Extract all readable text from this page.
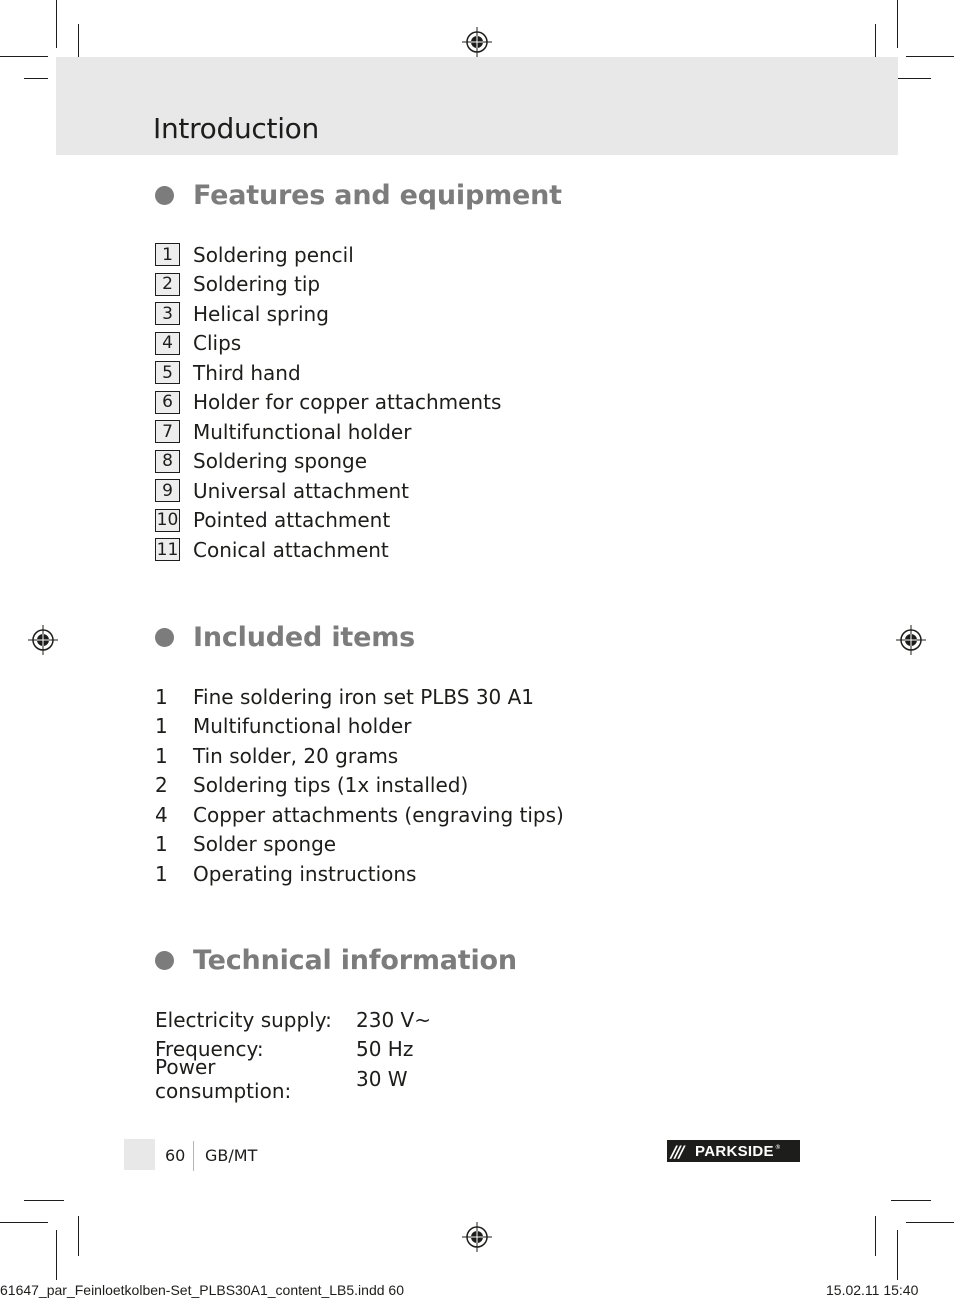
Introduction
Features and equipment
1	Soldering pencil
2	Soldering tip
3	Helical spring
4	Clips
5	Third hand
6	Holder for copper attachments
7	Multifunctional holder
8	Soldering sponge
9	Universal attachment
10 Pointed attachment
11 Conical attachment
Included items
1	Fine soldering iron set PLBS 30 A1
1	Multifunctional holder
1	Tin solder, 20 grams
2	Soldering tips (1x installed)
4	Copper attachments (engraving tips)
1	Solder sponge
1	Operating instructions
Technical information
Electricity supply:	230 V~
Frequency:	50 Hz
Power consumption:	30 W
60 GB/MT	/// PARKSIDE ®
61647_par_Feinloetkolben-Set_PLBS30A1_content_LB5.indd 60	15.02.11 15:40
